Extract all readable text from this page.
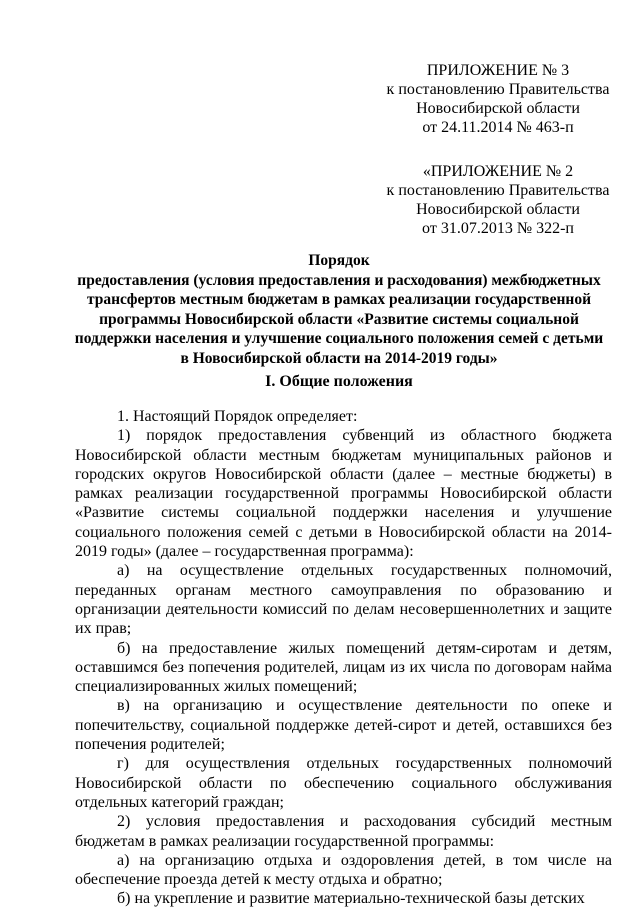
ПРИЛОЖЕНИЕ № 3
к постановлению Правительства
Новосибирской области
от 24.11.2014 № 463-п
«ПРИЛОЖЕНИЕ № 2
к постановлению Правительства
Новосибирской области
от 31.07.2013 № 322-п
Порядок
предоставления (условия предоставления и расходования) межбюджетных
трансфертов местным бюджетам в рамках реализации государственной
программы Новосибирской области «Развитие системы социальной
поддержки населения и улучшение социального положения семей с детьми
в Новосибирской области на 2014-2019 годы»
I. Общие положения

1. Настоящий Порядок определяет:

1) порядок предоставления субвенций из областного бюджета Новосибирской области местным бюджетам муниципальных районов и городских округов Новосибирской области (далее – местные бюджеты) в рамках реализации государственной программы Новосибирской области «Развитие системы социальной поддержки населения и улучшение социального положения семей с детьми в Новосибирской области на 2014-2019 годы» (далее – государственная программа):

а) на осуществление отдельных государственных полномочий, переданных органам местного самоуправления по образованию и организации деятельности комиссий по делам несовершеннолетних и защите их прав;

б) на предоставление жилых помещений детям-сиротам и детям, оставшимся без попечения родителей, лицам из их числа по договорам найма специализированных жилых помещений;

в) на организацию и осуществление деятельности по опеке и попечительству, социальной поддержке детей-сирот и детей, оставшихся без попечения родителей;

г) для осуществления отдельных государственных полномочий Новосибирской области по обеспечению социального обслуживания отдельных категорий граждан;

2) условия предоставления и расходования субсидий местным бюджетам в рамках реализации государственной программы:

а) на организацию отдыха и оздоровления детей, в том числе на обеспечение проезда детей к месту отдыха и обратно;

б) на укрепление и развитие материально-технической базы детских
